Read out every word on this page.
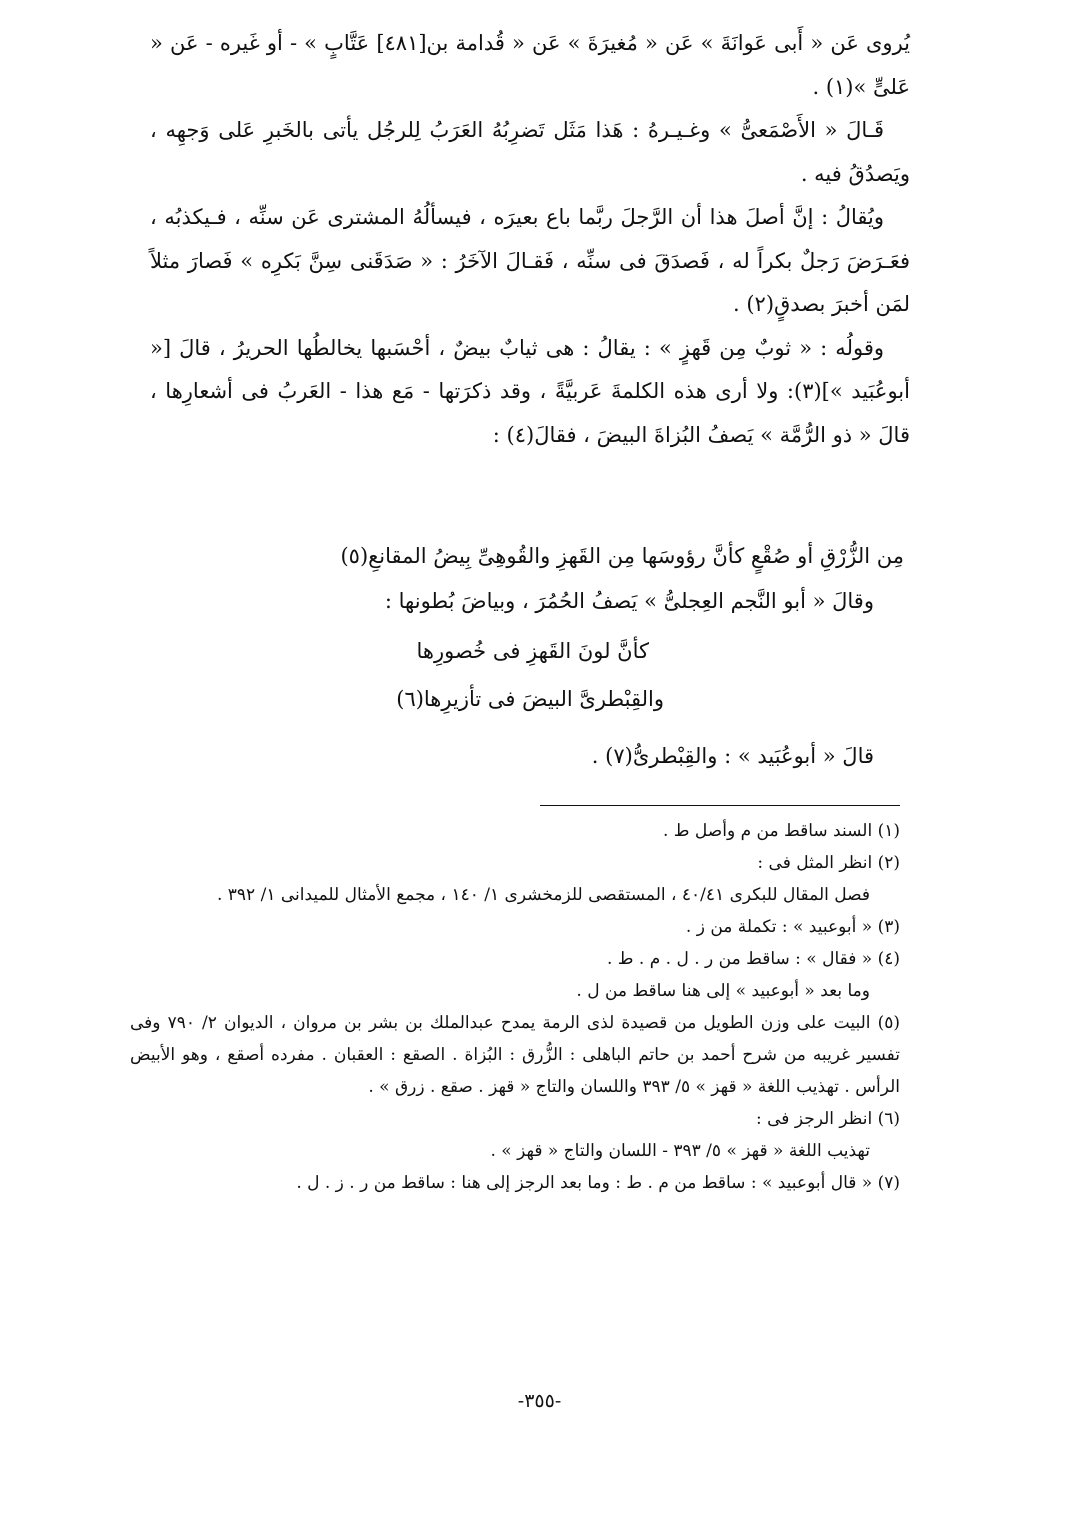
يُروى عَن « أَبى عَوانَةَ » عَن « مُغيرَةَ » عَن « قُدامة بن[٤٨١] عَتَّابٍ » - أو غَيره - عَن « عَلىٍّ »(١) .

قَـالَ « الأَصْمَعىُّ » وغـيـرهُ : هَذا مَثَل تَضرِبُهُ العَرَبُ لِلرجُل يأتى بالخَبرِ عَلى وَجهِه ، ويَصدُقُ فيه .

ويُقالُ : إنَّ أصلَ هذا أن الرَّجلَ ربَّما باع بعيرَه ، فيسألُهُ المشترى عَن سنِّه ، فـيكذبُه ، فعَـرَضَ رَجلٌ بكراً له ، فَصدَقَ فى سنِّه ، فَقـالَ الآخَرُ : « صَدَقَنى سِنَّ بَكرِه » فَصارَ مثلاً لمَن أخبرَ بصدقٍ(٢) .

وقولُه : « ثوبٌ مِن قَهزٍ » : يقالُ : هى ثيابٌ بيضٌ ، أحْسَبها يخالطُها الحريرُ ، قالَ [« أبوعُبَيد »](٣): ولا أرى هذه الكلمةَ عَربيَّةً ، وقد ذكرَتها - مَع هذا - العَربُ فى أشعارِها ، قالَ « ذو الرُّمَّة » يَصفُ البُزاةَ البيضَ ، فقالَ(٤) :

مِن الزُّرْقِ أو صُقْعٍ كأنَّ رؤوسَها مِن القَهزِ والقُوهِىِّ بِيضُ المقانعِ(٥)
وقالَ « أبو النَّجم العِجلىُّ » يَصفُ الحُمُرَ ، وبياضَ بُطونها :
كأنَّ لونَ القَهزِ فى خُصورِها
والقِبْطرىَّ البيضَ فى تأزيرِها(٦)
قالَ « أبوعُبَيد » : والقِبْطرىُّ(٧) .

(١) السند ساقط من م وأصل ط .

(٢) انظر المثل فى :

فصل المقال للبكرى ٤٠/٤١ ، المستقصى للزمخشرى ١/ ١٤٠ ، مجمع الأمثال للميدانى ١/ ٣٩٢ .

(٣) « أبوعبيد » : تكملة من ز .

(٤) « فقال » : ساقط من ر . ل . م . ط .

وما بعد « أبوعبيد » إلى هنا ساقط من ل .

(٥) البيت على وزن الطويل من قصيدة لذى الرمة يمدح عبدالملك بن بشر بن مروان ، الديوان ٢/ ٧٩٠ وفى تفسير غريبه من شرح أحمد بن حاتم الباهلى : الزُّرق : البُزاة . الصقع : العقبان . مفرده أصقع ، وهو الأبيض الرأس . تهذيب اللغة « قهز » ٥/ ٣٩٣ واللسان والتاج « قهز . صقع . زرق » .

(٦) انظر الرجز فى :

تهذيب اللغة « قهز » ٥/ ٣٩٣ - اللسان والتاج « قهز » .

(٧) « قال أبوعبيد » : ساقط من م . ط : وما بعد الرجز إلى هنا : ساقط من ر . ز . ل .

-٣٥٥-
